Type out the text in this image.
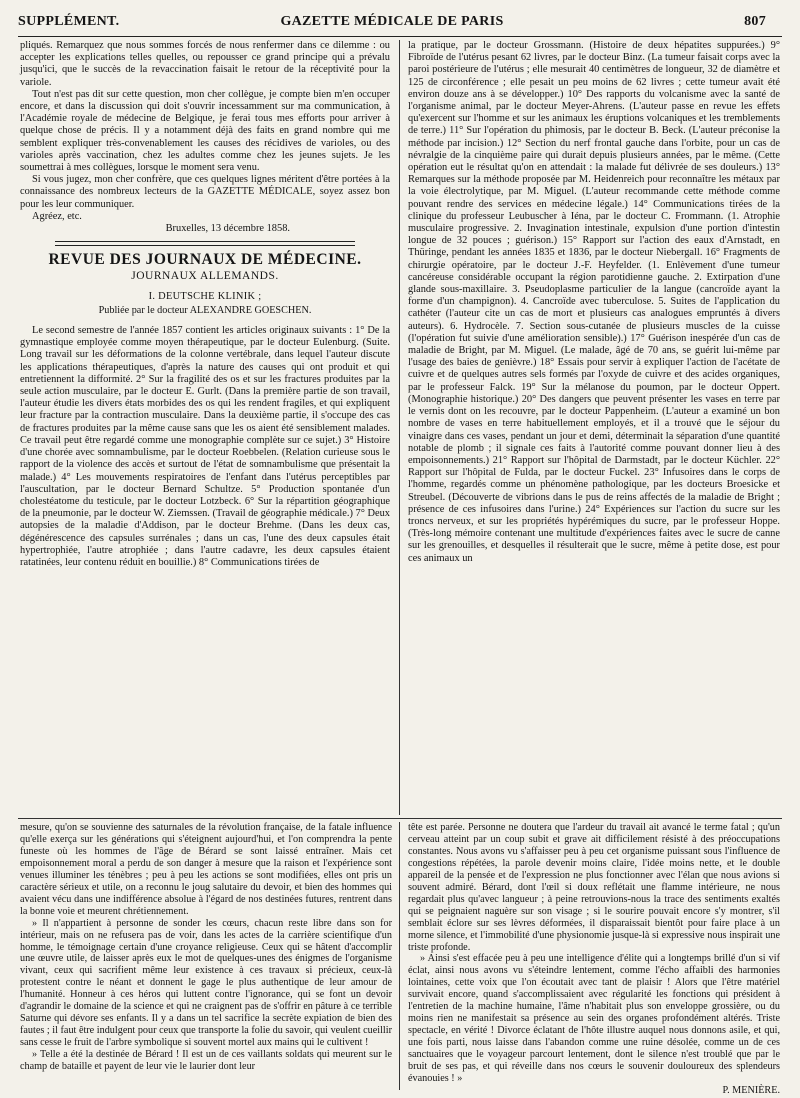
SUPPLÉMENT.	GAZETTE MÉDICALE DE PARIS	807

pliqués. Remarquez que nous sommes forcés de nous renfermer dans ce dilemme : ou accepter les explications telles quelles, ou repousser ce grand principe qui a prévalu jusqu'ici, que le succès de la revaccination faisait le retour de la réceptivité pour la variole.

Tout n'est pas dit sur cette question, mon cher collègue, je compte bien m'en occuper encore, et dans la discussion qui doit s'ouvrir incessamment sur ma communication, à l'Académie royale de médecine de Belgique, je ferai tous mes efforts pour arriver à quelque chose de précis. Il y a notamment déjà des faits en grand nombre qui me semblent expliquer très-convenablement les causes des récidives de varioles, ou des varioles après vaccination, chez les adultes comme chez les jeunes sujets. Je les soumettrai à mes collègues, lorsque le moment sera venu.

Si vous jugez, mon cher confrère, que ces quelques lignes méritent d'être portées à la connaissance des nombreux lecteurs de la GAZETTE MÉDICALE, soyez assez bon pour les leur communiquer.

Agréez, etc.

Bruxelles, 13 décembre 1858.

REVUE DES JOURNAUX DE MÉDECINE.
JOURNAUX ALLEMANDS.
I. DEUTSCHE KLINIK ;
Publiée par le docteur ALEXANDRE GOESCHEN.

Le second semestre de l'année 1857 contient les articles originaux suivants : 1° De la gymnastique employée comme moyen thérapeutique, par le docteur Eulenburg. (Suite. Long travail sur les déformations de la colonne vertébrale, dans lequel l'auteur discute les applications thérapeutiques, d'après la nature des causes qui ont produit et qui entretiennent la difformité. 2° Sur la fragilité des os et sur les fractures produites par la seule action musculaire, par le docteur E. Gurlt. (Dans la première partie de son travail, l'auteur étudie les divers états morbides des os qui les rendent fragiles, et qui expliquent leur fracture par la contraction musculaire. Dans la deuxième partie, il s'occupe des cas de fractures produites par la même cause sans que les os aient été sensiblement malades. Ce travail peut être regardé comme une monographie complète sur ce sujet.) 3° Histoire d'une chorée avec somnambulisme, par le docteur Roebbelen. (Relation curieuse sous le rapport de la violence des accès et surtout de l'état de somnambulisme que présentait la malade.) 4° Les mouvements respiratoires de l'enfant dans l'utérus perceptibles par l'auscultation, par le docteur Bernard Schultze. 5° Production spontanée d'un cholestéatome du testicule, par le docteur Lotzbeck. 6° Sur la répartition géographique de la pneumonie, par le docteur W. Ziemssen. (Travail de géographie médicale.) 7° Deux autopsies de la maladie d'Addison, par le docteur Brehme. (Dans les deux cas, dégénérescence des capsules surrénales ; dans un cas, l'une des deux capsules était hypertrophiée, l'autre atrophiée ; dans l'autre cadavre, les deux capsules étaient ratatinées, leur contenu réduit en bouillie.) 8° Communications tirées de

la pratique, par le docteur Grossmann. (Histoire de deux hépatites suppurées.) 9° Fibroïde de l'utérus pesant 62 livres, par le docteur Binz. (La tumeur faisait corps avec la paroi postérieure de l'utérus ; elle mesurait 40 centimètres de longueur, 32 de diamètre et 125 de circonférence ; elle pesait un peu moins de 62 livres ; cette tumeur avait été environ douze ans à se développer.) 10° Des rapports du volcanisme avec la santé de l'organisme animal, par le docteur Meyer-Ahrens. (L'auteur passe en revue les effets qu'exercent sur l'homme et sur les animaux les éruptions volcaniques et les tremblements de terre.) 11° Sur l'opération du phimosis, par le docteur B. Beck. (L'auteur préconise la méthode par incision.) 12° Section du nerf frontal gauche dans l'orbite, pour un cas de névralgie de la cinquième paire qui durait depuis plusieurs années, par le même. (Cette opération eut le résultat qu'on en attendait : la malade fut délivrée de ses douleurs.) 13° Remarques sur la méthode proposée par M. Heidenreich pour reconnaître les métaux par la voie électrolytique, par M. Miguel. (L'auteur recommande cette méthode comme pouvant rendre des services en médecine légale.) 14° Communications tirées de la clinique du professeur Leubuscher à Iéna, par le docteur C. Frommann. (1. Atrophie musculaire progressive. 2. Invagination intestinale, expulsion d'une portion d'intestin longue de 32 pouces ; guérison.) 15° Rapport sur l'action des eaux d'Arnstadt, en Thüringe, pendant les années 1835 et 1836, par le docteur Niebergall. 16° Fragments de chirurgie opératoire, par le docteur J.-F. Heyfelder. (1. Enlèvement d'une tumeur cancéreuse considérable occupant la région parotidienne gauche. 2. Extirpation d'une glande sous-maxillaire. 3. Pseudoplasme particulier de la langue (cancroïde ayant la forme d'un champignon). 4. Cancroïde avec tuberculose. 5. Suites de l'application du cathéter (l'auteur cite un cas de mort et plusieurs cas analogues empruntés à divers auteurs). 6. Hydrocèle. 7. Section sous-cutanée de plusieurs muscles de la cuisse (l'opération fut suivie d'une amélioration sensible).) 17° Guérison inespérée d'un cas de maladie de Bright, par M. Miguel. (Le malade, âgé de 70 ans, se guérit lui-même par l'usage des baies de genièvre.) 18° Essais pour servir à expliquer l'action de l'acétate de cuivre et de quelques autres sels formés par l'oxyde de cuivre et des acides organiques, par le professeur Falck. 19° Sur la mélanose du poumon, par le docteur Oppert. (Monographie historique.) 20° Des dangers que peuvent présenter les vases en terre par le vernis dont on les recouvre, par le docteur Pappenheim. (L'auteur a examiné un bon nombre de vases en terre habituellement employés, et il a trouvé que le séjour du vinaigre dans ces vases, pendant un jour et demi, déterminait la séparation d'une quantité notable de plomb ; il signale ces faits à l'autorité comme pouvant donner lieu à des empoisonnements.) 21° Rapport sur l'hôpital de Darmstadt, par le docteur Küchler. 22° Rapport sur l'hôpital de Fulda, par le docteur Fuckel. 23° Infusoires dans le corps de l'homme, regardés comme un phénomène pathologique, par les docteurs Broesicke et Streubel. (Découverte de vibrions dans le pus de reins affectés de la maladie de Bright ; présence de ces infusoires dans l'urine.) 24° Expériences sur l'action du sucre sur les troncs nerveux, et sur les propriétés hypérémiques du sucre, par le professeur Hoppe. (Très-long mémoire contenant une multitude d'expériences faites avec le sucre de canne sur les grenouilles, et desquelles il résulterait que le sucre, même à petite dose, est pour ces animaux un

mesure, qu'on se souvienne des saturnales de la révolution française, de la fatale influence qu'elle exerça sur les générations qui s'éteignent aujourd'hui, et l'on comprendra la pente funeste où les hommes de l'âge de Bérard se sont laissé entraîner. Mais cet empoisonnement moral a perdu de son danger à mesure que la raison et l'expérience sont venues illuminer les ténèbres ; peu à peu les actions se sont modifiées, elles ont pris un caractère sérieux et utile, on a reconnu le joug salutaire du devoir, et bien des hommes qui avaient vécu dans une indifférence absolue à l'égard de nos destinées futures, rentrent dans la bonne voie et meurent chrétiennement.

» Il n'appartient à personne de sonder les cœurs, chacun reste libre dans son for intérieur, mais on ne refusera pas de voir, dans les actes de la carrière scientifique d'un homme, le témoignage certain d'une croyance religieuse. Ceux qui se hâtent d'accomplir une œuvre utile, de laisser après eux le mot de quelques-unes des énigmes de l'organisme vivant, ceux qui sacrifient même leur existence à ces travaux si précieux, ceux-là protestent contre le néant et donnent le gage le plus authentique de leur amour de l'humanité. Honneur à ces héros qui luttent contre l'ignorance, qui se font un devoir d'agrandir le domaine de la science et qui ne craignent pas de s'offrir en pâture à ce terrible Saturne qui dévore ses enfants. Il y a dans un tel sacrifice la secrète expiation de bien des fautes ; il faut être indulgent pour ceux que transporte la folie du savoir, qui veulent cueillir sans cesse le fruit de l'arbre symbolique si souvent mortel aux mains qui le cultivent !

» Telle a été la destinée de Bérard ! Il est un de ces vaillants soldats qui meurent sur le champ de bataille et payent de leur vie le laurier dont leur

tête est parée. Personne ne doutera que l'ardeur du travail ait avancé le terme fatal ; qu'un cerveau atteint par un coup subit et grave ait difficilement résisté à des préoccupations constantes. Nous avons vu s'affaisser peu à peu cet organisme puissant sous l'influence de congestions répétées, la parole devenir moins claire, l'idée moins nette, et le double appareil de la pensée et de l'expression ne plus fonctionner avec l'élan que nous avions si souvent admiré. Bérard, dont l'œil si doux reflétait une flamme intérieure, ne nous regardait plus qu'avec langueur ; à peine retrouvions-nous la trace des sentiments exaltés qui se peignaient naguère sur son visage ; si le sourire pouvait encore s'y montrer, s'il semblait éclore sur ses lèvres déformées, il disparaissait bientôt pour faire place à un morne silence, et l'immobilité d'une physionomie jusque-là si expressive nous inspirait une triste profonde.

» Ainsi s'est effacée peu à peu une intelligence d'élite qui a longtemps brillé d'un si vif éclat, ainsi nous avons vu s'éteindre lentement, comme l'écho affaibli des harmonies lointaines, cette voix que l'on écoutait avec tant de plaisir ! Alors que l'être matériel survivait encore, quand s'accomplissaient avec régularité les fonctions qui président à l'entretien de la machine humaine, l'âme n'habitait plus son enveloppe grossière, ou du moins rien ne manifestait sa présence au sein des organes profondément altérés. Triste spectacle, en vérité ! Divorce éclatant de l'hôte illustre auquel nous donnons asile, et qui, une fois parti, nous laisse dans l'abandon comme une ruine désolée, comme un de ces sanctuaires que le voyageur parcourt lentement, dont le silence n'est troublé que par le bruit de ses pas, et qui réveille dans nos cœurs le souvenir douloureux des splendeurs évanouies ! »

P. MENIÈRE.
